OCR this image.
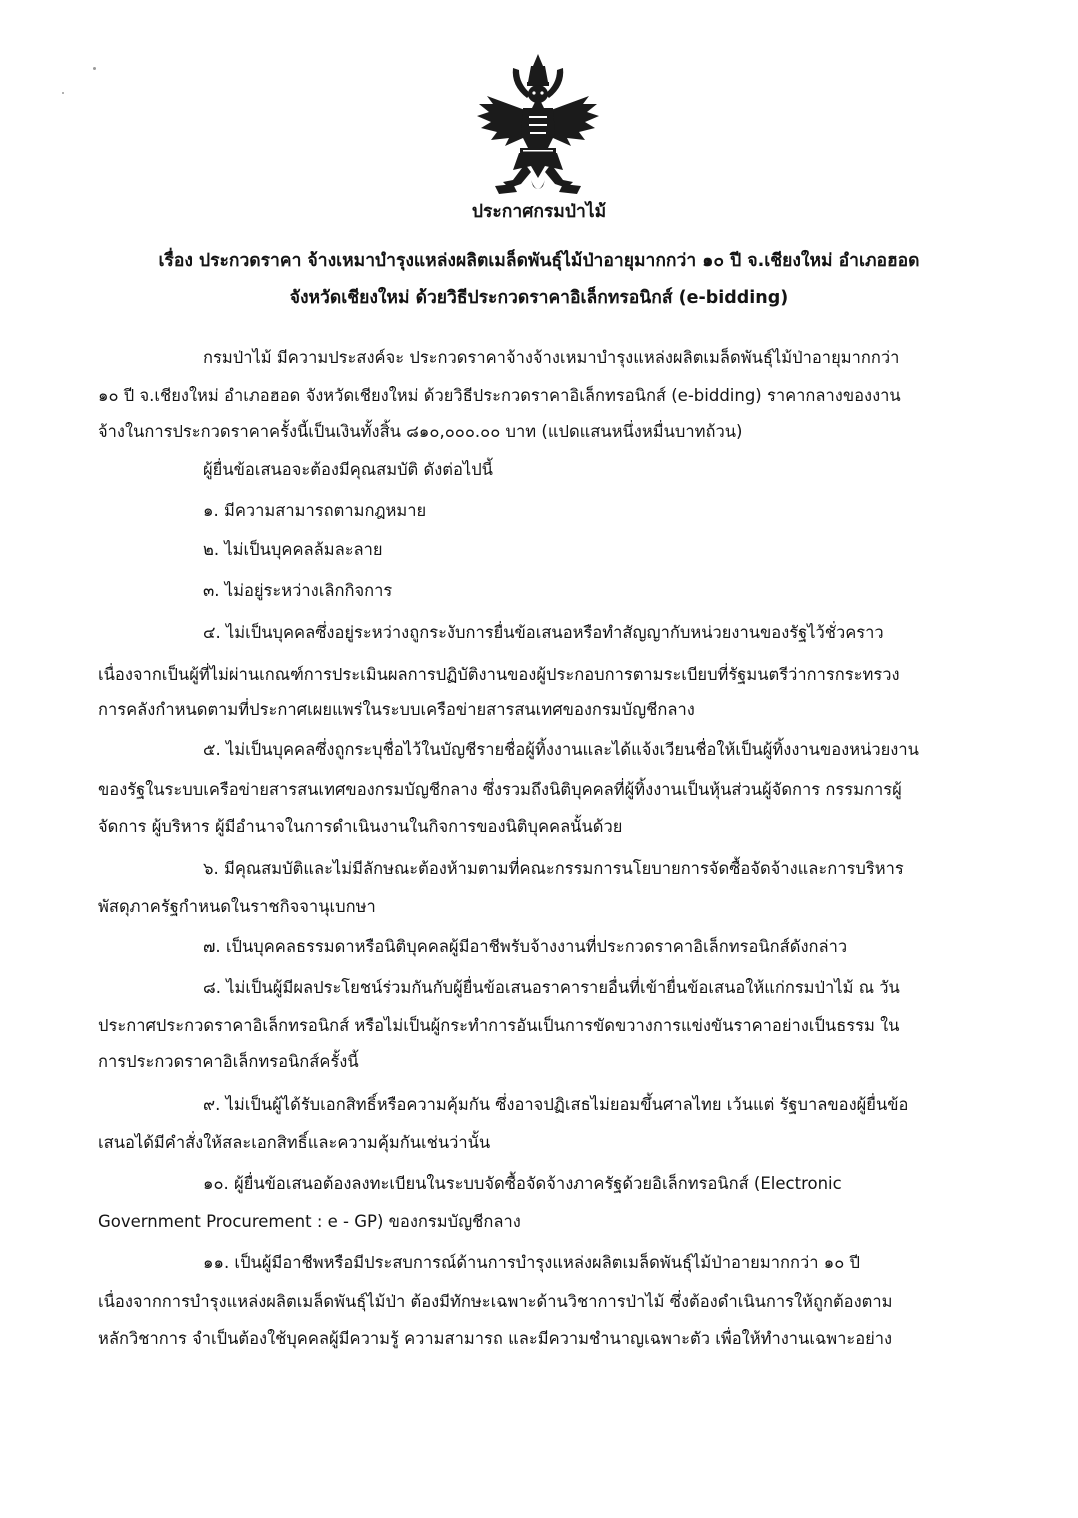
ประกาศกรมป่าไม้
เรื่อง ประกวดราคา จ้างเหมาบำรุงแหล่งผลิตเมล็ดพันธุ์ไม้ป่าอายุมากกว่า ๑๐ ปี จ.เชียงใหม่ อำเภอฮอด
จังหวัดเชียงใหม่ ด้วยวิธีประกวดราคาอิเล็กทรอนิกส์ (e-bidding)
กรมป่าไม้ มีความประสงค์จะ ประกวดราคาจ้างจ้างเหมาบำรุงแหล่งผลิตเมล็ดพันธุ์ไม้ป่าอายุมากกว่า
๑๐ ปี จ.เชียงใหม่ อำเภอฮอด จังหวัดเชียงใหม่ ด้วยวิธีประกวดราคาอิเล็กทรอนิกส์ (e-bidding) ราคากลางของงาน
จ้างในการประกวดราคาครั้งนี้เป็นเงินทั้งสิ้น ๘๑๐,๐๐๐.๐๐ บาท (แปดแสนหนึ่งหมื่นบาทถ้วน)
ผู้ยื่นข้อเสนอจะต้องมีคุณสมบัติ ดังต่อไปนี้
๑. มีความสามารถตามกฎหมาย
๒. ไม่เป็นบุคคลล้มละลาย
๓. ไม่อยู่ระหว่างเลิกกิจการ
๔. ไม่เป็นบุคคลซึ่งอยู่ระหว่างถูกระงับการยื่นข้อเสนอหรือทำสัญญากับหน่วยงานของรัฐไว้ชั่วคราว
เนื่องจากเป็นผู้ที่ไม่ผ่านเกณฑ์การประเมินผลการปฏิบัติงานของผู้ประกอบการตามระเบียบที่รัฐมนตรีว่าการกระทรวง
การคลังกำหนดตามที่ประกาศเผยแพร่ในระบบเครือข่ายสารสนเทศของกรมบัญชีกลาง
๕. ไม่เป็นบุคคลซึ่งถูกระบุชื่อไว้ในบัญชีรายชื่อผู้ทิ้งงานและได้แจ้งเวียนชื่อให้เป็นผู้ทิ้งงานของหน่วยงาน
ของรัฐในระบบเครือข่ายสารสนเทศของกรมบัญชีกลาง ซึ่งรวมถึงนิติบุคคลที่ผู้ทิ้งงานเป็นหุ้นส่วนผู้จัดการ กรรมการผู้
จัดการ ผู้บริหาร ผู้มีอำนาจในการดำเนินงานในกิจการของนิติบุคคลนั้นด้วย
๖. มีคุณสมบัติและไม่มีลักษณะต้องห้ามตามที่คณะกรรมการนโยบายการจัดซื้อจัดจ้างและการบริหาร
พัสดุภาครัฐกำหนดในราชกิจจานุเบกษา
๗. เป็นบุคคลธรรมดาหรือนิติบุคคลผู้มีอาชีพรับจ้างงานที่ประกวดราคาอิเล็กทรอนิกส์ดังกล่าว
๘. ไม่เป็นผู้มีผลประโยชน์ร่วมกันกับผู้ยื่นข้อเสนอราคารายอื่นที่เข้ายื่นข้อเสนอให้แก่กรมป่าไม้ ณ วัน
ประกาศประกวดราคาอิเล็กทรอนิกส์ หรือไม่เป็นผู้กระทำการอันเป็นการขัดขวางการแข่งขันราคาอย่างเป็นธรรม ใน
การประกวดราคาอิเล็กทรอนิกส์ครั้งนี้
๙. ไม่เป็นผู้ได้รับเอกสิทธิ์หรือความคุ้มกัน ซึ่งอาจปฏิเสธไม่ยอมขึ้นศาลไทย เว้นแต่ รัฐบาลของผู้ยื่นข้อ
เสนอได้มีคำสั่งให้สละเอกสิทธิ์และความคุ้มกันเช่นว่านั้น
๑๐. ผู้ยื่นข้อเสนอต้องลงทะเบียนในระบบจัดซื้อจัดจ้างภาครัฐด้วยอิเล็กทรอนิกส์ (Electronic
Government Procurement : e - GP) ของกรมบัญชีกลาง
๑๑. เป็นผู้มีอาชีพหรือมีประสบการณ์ด้านการบำรุงแหล่งผลิตเมล็ดพันธุ์ไม้ป่าอายมากกว่า ๑๐ ปี
เนื่องจากการบำรุงแหล่งผลิตเมล็ดพันธุ์ไม้ป่า ต้องมีทักษะเฉพาะด้านวิชาการป่าไม้ ซึ่งต้องดำเนินการให้ถูกต้องตาม
หลักวิชาการ จำเป็นต้องใช้บุคคลผู้มีความรู้ ความสามารถ และมีความชำนาญเฉพาะตัว เพื่อให้ทำงานเฉพาะอย่าง
